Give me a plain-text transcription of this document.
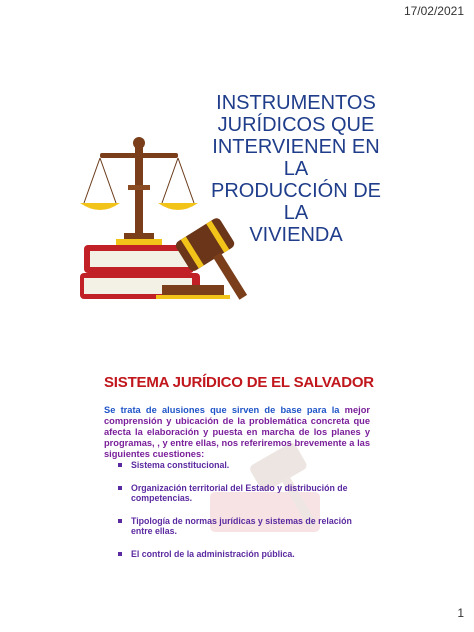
17/02/2021
INSTRUMENTOS
JURÍDICOS QUE
INTERVIENEN EN LA
PRODUCCIÓN DE LA
VIVIENDA
SISTEMA JURÍDICO DE EL SALVADOR
Se trata de alusiones que sirven de base para la mejor comprensión y ubicación de la problemática concreta que afecta la elaboración y puesta en marcha de los planes y programas, , y entre ellas, nos referiremos brevemente a las siguientes cuestiones:
Sistema constitucional.
Organización territorial del Estado y distribución de competencias.
Tipología de normas jurídicas y sistemas de relación entre ellas.
El control de la administración pública.
1
